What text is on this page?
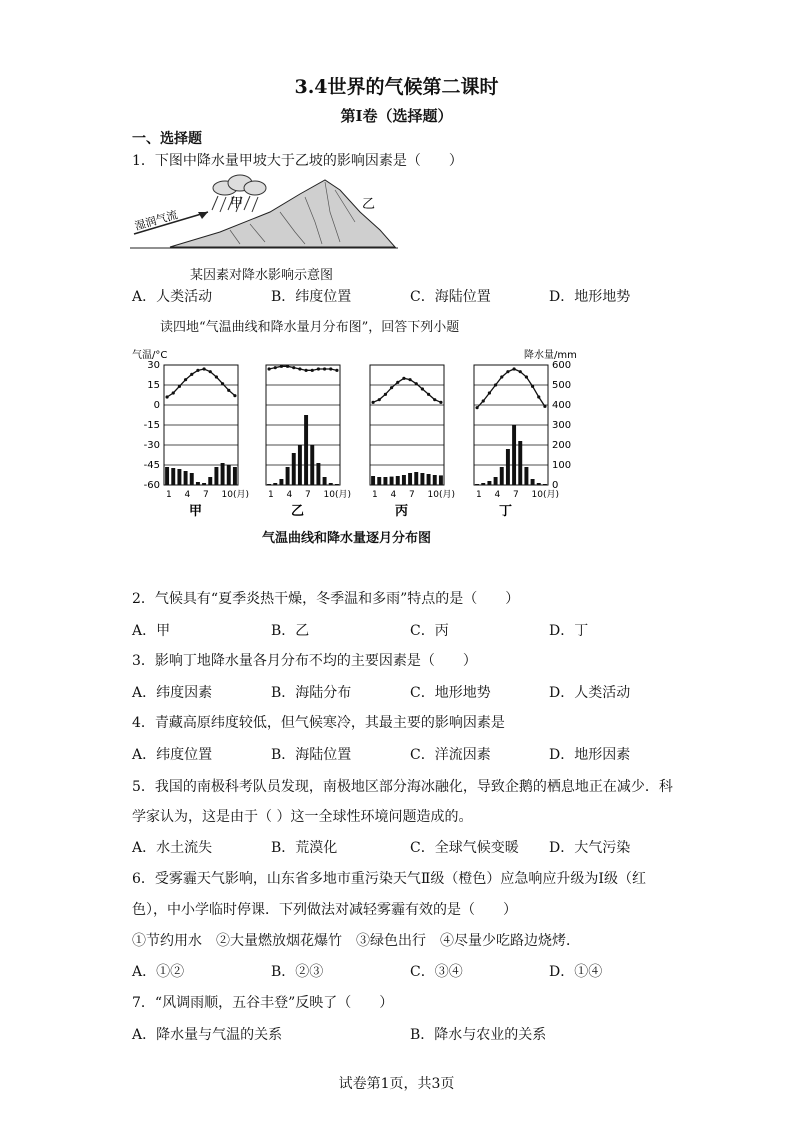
3.4世界的气候第二课时
第I卷（选择题）
一、选择题
1．下图中降水量甲坡大于乙坡的影响因素是（　　）
湿润气流
甲	乙
某因素对降水影响示意图
A．人类活动	B．纬度位置	C．海陆位置	D．地形地势
读四地“气温曲线和降水量月分布图”，回答下列小题
气温/°C	降水量/mm
30
15
0
-15
-30
-45
-60
600
500
400
300
200
100
0
1 4 7 10(月)
甲
1 4 7 10(月)
乙
1 4 7 10(月)
丙
1 4 7 10(月)
丁
气温曲线和降水量逐月分布图
2．气候具有“夏季炎热干燥，冬季温和多雨”特点的是（　　）
A．甲	B．乙	C．丙	D．丁
3．影响丁地降水量各月分布不均的主要因素是（　　）
A．纬度因素	B．海陆分布	C．地形地势	D．人类活动
4．青藏高原纬度较低，但气候寒冷，其最主要的影响因素是
A．纬度位置	B．海陆位置	C．洋流因素	D．地形因素
5．我国的南极科考队员发现，南极地区部分海冰融化，导致企鹅的栖息地正在减少．科
学家认为，这是由于（ ）这一全球性环境问题造成的。
A．水土流失	B．荒漠化	C．全球气候变暖 D．大气污染
6．受雾霾天气影响，山东省多地市重污染天气Ⅱ级（橙色）应急响应升级为Ⅰ级（红
色），中小学临时停课．下列做法对减轻雾霾有效的是（　　）
①节约用水　②大量燃放烟花爆竹　③绿色出行　④尽量少吃路边烧烤．
A．①②	B．②③	C．③④	D．①④
7．“风调雨顺，五谷丰登”反映了（　　）
A．降水量与气温的关系	B．降水与农业的关系
试卷第1页，共3页
